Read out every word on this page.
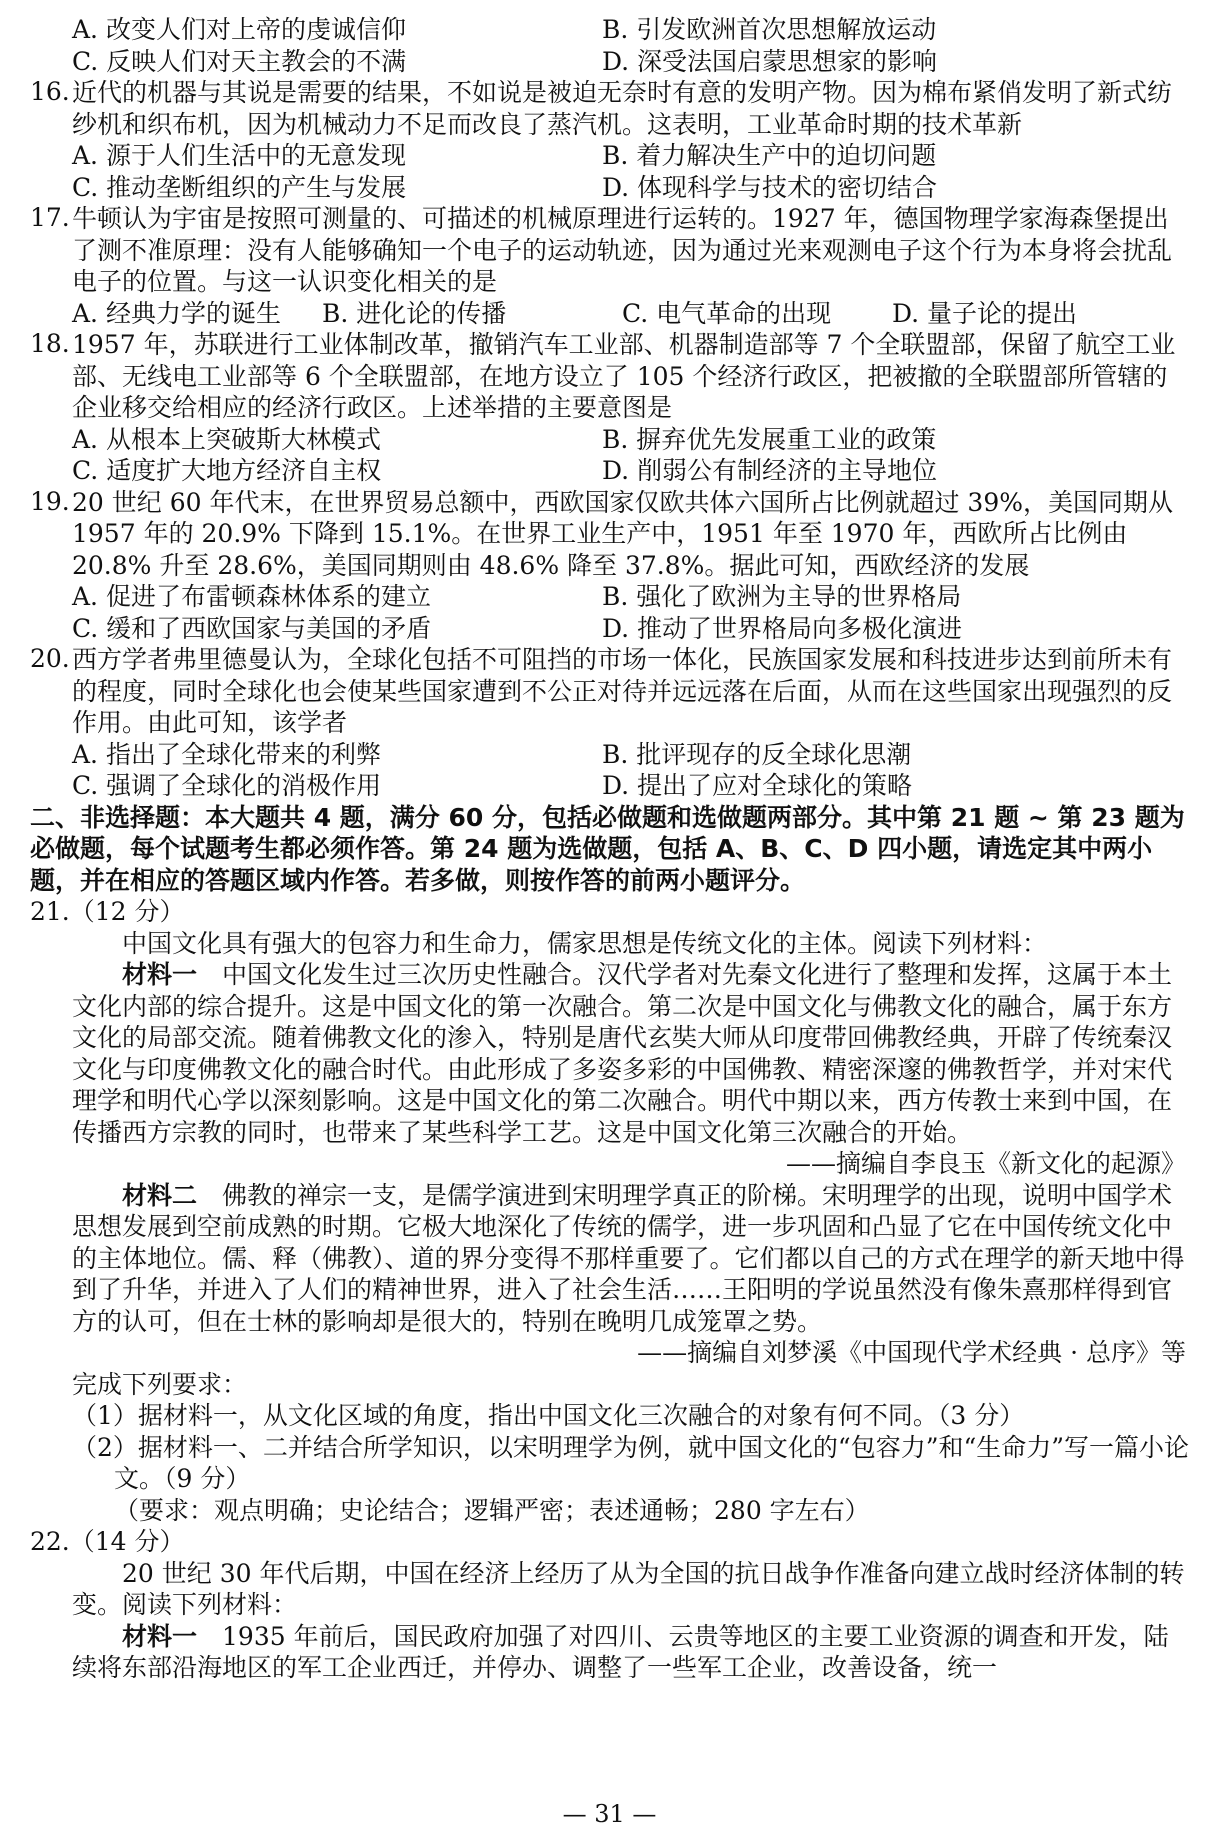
A. 改变人们对上帝的虔诚信仰	B. 引发欧洲首次思想解放运动
C. 反映人们对天主教会的不满	D. 深受法国启蒙思想家的影响
16. 近代的机器与其说是需要的结果，不如说是被迫无奈时有意的发明产物。因为棉布紧俏发明了新式纺纱机和织布机，因为机械动力不足而改良了蒸汽机。这表明，工业革命时期的技术革新
A. 源于人们生活中的无意发现	B. 着力解决生产中的迫切问题
C. 推动垄断组织的产生与发展	D. 体现科学与技术的密切结合
17. 牛顿认为宇宙是按照可测量的、可描述的机械原理进行运转的。1927 年，德国物理学家海森堡提出了测不准原理：没有人能够确知一个电子的运动轨迹，因为通过光来观测电子这个行为本身将会扰乱电子的位置。与这一认识变化相关的是
A. 经典力学的诞生 B. 进化论的传播	C. 电气革命的出现 D. 量子论的提出
18. 1957 年，苏联进行工业体制改革，撤销汽车工业部、机器制造部等 7 个全联盟部，保留了航空工业部、无线电工业部等 6 个全联盟部，在地方设立了 105 个经济行政区，把被撤的全联盟部所管辖的企业移交给相应的经济行政区。上述举措的主要意图是
A. 从根本上突破斯大林模式	B. 摒弃优先发展重工业的政策
C. 适度扩大地方经济自主权	D. 削弱公有制经济的主导地位
19. 20 世纪 60 年代末，在世界贸易总额中，西欧国家仅欧共体六国所占比例就超过 39%，美国同期从 1957 年的 20.9% 下降到 15.1%。在世界工业生产中，1951 年至 1970 年，西欧所占比例由 20.8% 升至 28.6%，美国同期则由 48.6% 降至 37.8%。据此可知，西欧经济的发展
A. 促进了布雷顿森林体系的建立	B. 强化了欧洲为主导的世界格局
C. 缓和了西欧国家与美国的矛盾	D. 推动了世界格局向多极化演进
20. 西方学者弗里德曼认为，全球化包括不可阻挡的市场一体化，民族国家发展和科技进步达到前所未有的程度，同时全球化也会使某些国家遭到不公正对待并远远落在后面，从而在这些国家出现强烈的反作用。由此可知，该学者
A. 指出了全球化带来的利弊	B. 批评现存的反全球化思潮
C. 强调了全球化的消极作用	D. 提出了应对全球化的策略
二、非选择题：本大题共 4 题，满分 60 分，包括必做题和选做题两部分。其中第 21 题 ~ 第 23 题为必做题，每个试题考生都必须作答。第 24 题为选做题，包括 A、B、C、D 四小题，请选定其中两小题，并在相应的答题区域内作答。若多做，则按作答的前两小题评分。
21.（12 分）
中国文化具有强大的包容力和生命力，儒家思想是传统文化的主体。阅读下列材料：
材料一　中国文化发生过三次历史性融合。汉代学者对先秦文化进行了整理和发挥，这属于本土文化内部的综合提升。这是中国文化的第一次融合。第二次是中国文化与佛教文化的融合，属于东方文化的局部交流。随着佛教文化的渗入，特别是唐代玄奘大师从印度带回佛教经典，开辟了传统秦汉文化与印度佛教文化的融合时代。由此形成了多姿多彩的中国佛教、精密深邃的佛教哲学，并对宋代理学和明代心学以深刻影响。这是中国文化的第二次融合。明代中期以来，西方传教士来到中国，在传播西方宗教的同时，也带来了某些科学工艺。这是中国文化第三次融合的开始。
——摘编自李良玉《新文化的起源》
材料二　佛教的禅宗一支，是儒学演进到宋明理学真正的阶梯。宋明理学的出现，说明中国学术思想发展到空前成熟的时期。它极大地深化了传统的儒学，进一步巩固和凸显了它在中国传统文化中的主体地位。儒、释（佛教）、道的界分变得不那样重要了。它们都以自己的方式在理学的新天地中得到了升华，并进入了人们的精神世界，进入了社会生活……王阳明的学说虽然没有像朱熹那样得到官方的认可，但在士林的影响却是很大的，特别在晚明几成笼罩之势。
——摘编自刘梦溪《中国现代学术经典 · 总序》等
完成下列要求：
（1）据材料一，从文化区域的角度，指出中国文化三次融合的对象有何不同。（3 分）
（2）据材料一、二并结合所学知识，以宋明理学为例，就中国文化的“包容力”和“生命力”写一篇小论文。（9 分）
（要求：观点明确；史论结合；逻辑严密；表述通畅；280 字左右）
22.（14 分）
20 世纪 30 年代后期，中国在经济上经历了从为全国的抗日战争作准备向建立战时经济体制的转变。阅读下列材料：
材料一　1935 年前后，国民政府加强了对四川、云贵等地区的主要工业资源的调查和开发，陆续将东部沿海地区的军工企业西迁，并停办、调整了一些军工企业，改善设备，统一
— 31 —
